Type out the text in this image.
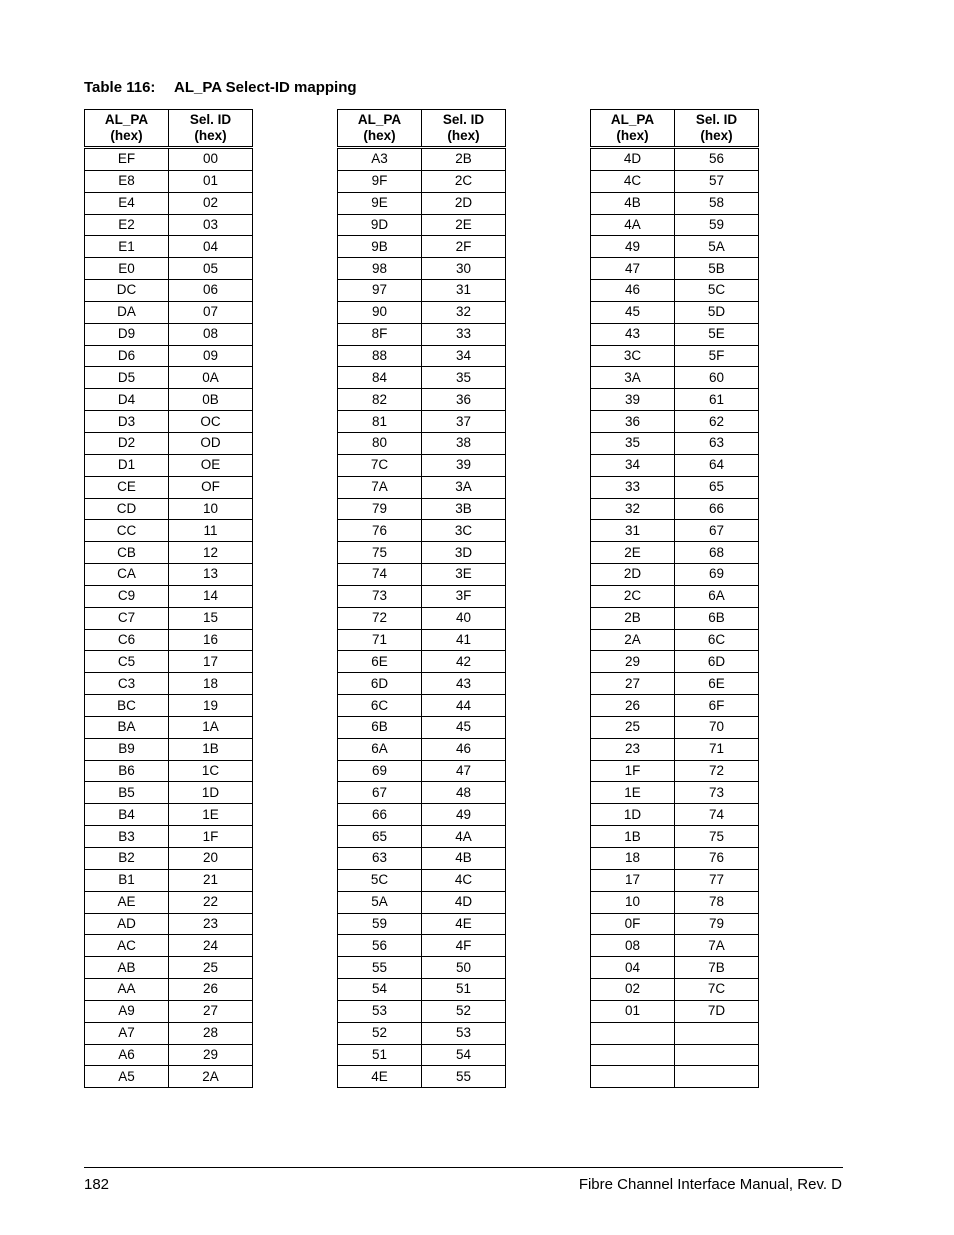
Table 116: AL_PA Select-ID mapping
AL_PA
(hex)	Sel. ID
(hex)
EF	00
E8	01
E4	02
E2	03
E1	04
E0	05
DC	06
DA	07
D9	08
D6	09
D5	0A
D4	0B
D3	OC
D2	OD
D1	OE
CE	OF
CD	10
CC	11
CB	12
CA	13
C9	14
C7	15
C6	16
C5	17
C3	18
BC	19
BA	1A
B9	1B
B6	1C
B5	1D
B4	1E
B3	1F
B2	20
B1	21
AE	22
AD	23
AC	24
AB	25
AA	26
A9	27
A7	28
A6	29
A5	2A
AL_PA
(hex)	Sel. ID
(hex)
A3	2B
9F	2C
9E	2D
9D	2E
9B	2F
98	30
97	31
90	32
8F	33
88	34
84	35
82	36
81	37
80	38
7C	39
7A	3A
79	3B
76	3C
75	3D
74	3E
73	3F
72	40
71	41
6E	42
6D	43
6C	44
6B	45
6A	46
69	47
67	48
66	49
65	4A
63	4B
5C	4C
5A	4D
59	4E
56	4F
55	50
54	51
53	52
52	53
51	54
4E	55
AL_PA
(hex)	Sel. ID
(hex)
4D	56
4C	57
4B	58
4A	59
49	5A
47	5B
46	5C
45	5D
43	5E
3C	5F
3A	60
39	61
36	62
35	63
34	64
33	65
32	66
31	67
2E	68
2D	69
2C	6A
2B	6B
2A	6C
29	6D
27	6E
26	6F
25	70
23	71
1F	72
1E	73
1D	74
1B	75
18	76
17	77
10	78
0F	79
08	7A
04	7B
02	7C
01	7D

182	Fibre Channel Interface Manual, Rev. D
